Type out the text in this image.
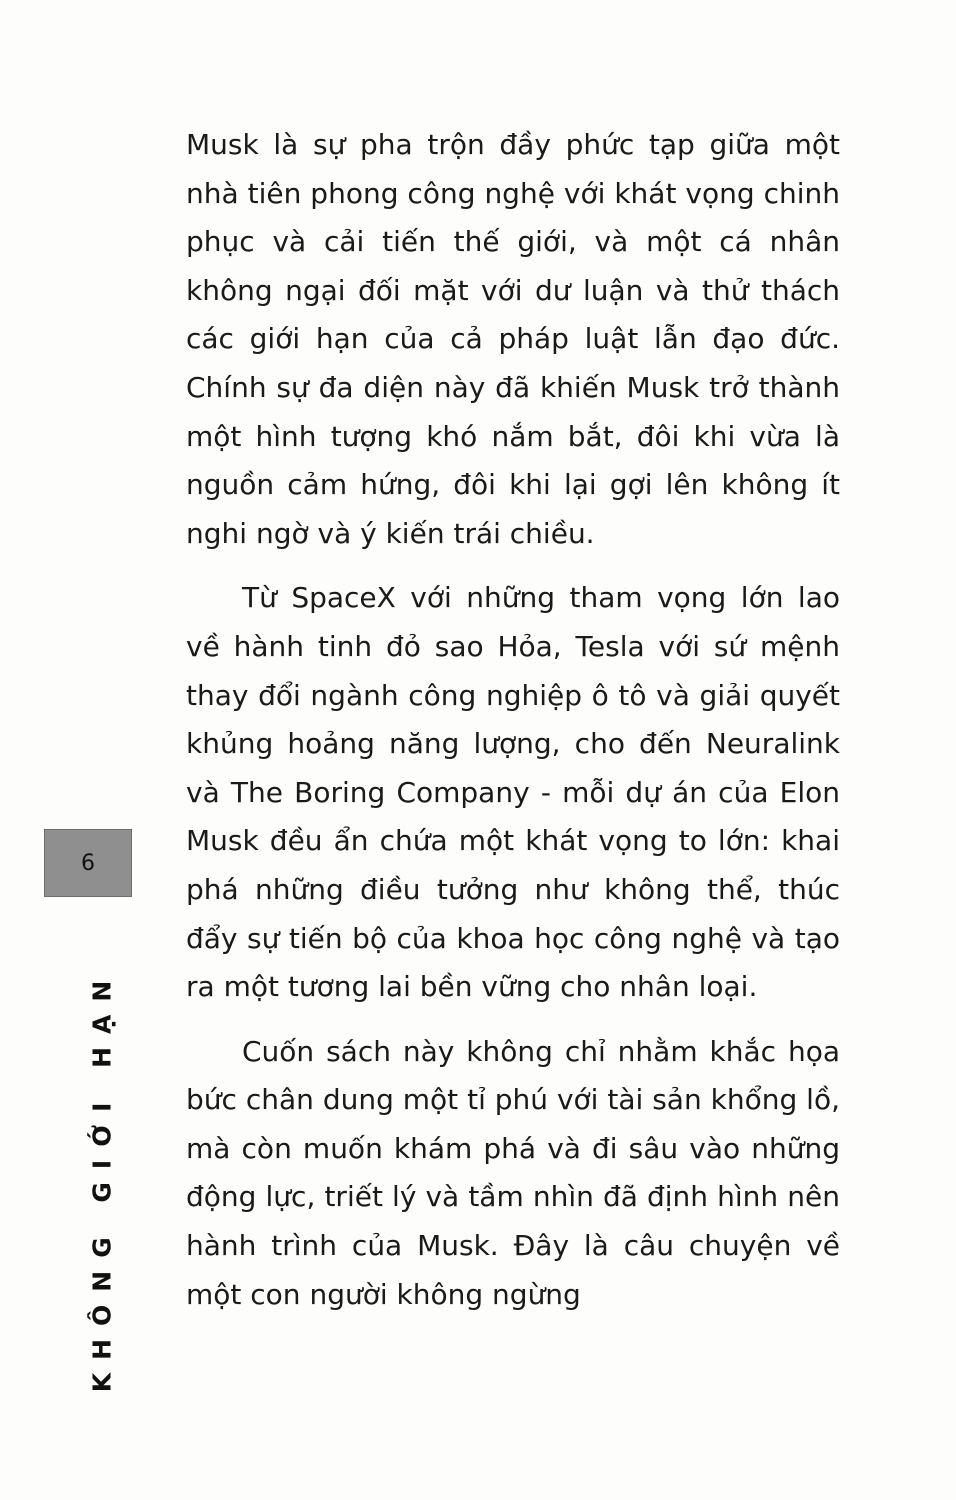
Musk là sự pha trộn đầy phức tạp giữa một nhà tiên phong công nghệ với khát vọng chinh phục và cải tiến thế giới, và một cá nhân không ngại đối mặt với dư luận và thử thách các giới hạn của cả pháp luật lẫn đạo đức. Chính sự đa diện này đã khiến Musk trở thành một hình tượng khó nắm bắt, đôi khi vừa là nguồn cảm hứng, đôi khi lại gợi lên không ít nghi ngờ và ý kiến trái chiều.

Từ SpaceX với những tham vọng lớn lao về hành tinh đỏ sao Hỏa, Tesla với sứ mệnh thay đổi ngành công nghiệp ô tô và giải quyết khủng hoảng năng lượng, cho đến Neuralink và The Boring Company - mỗi dự án của Elon Musk đều ẩn chứa một khát vọng to lớn: khai phá những điều tưởng như không thể, thúc đẩy sự tiến bộ của khoa học công nghệ và tạo ra một tương lai bền vững cho nhân loại.

Cuốn sách này không chỉ nhằm khắc họa bức chân dung một tỉ phú với tài sản khổng lồ, mà còn muốn khám phá và đi sâu vào những động lực, triết lý và tầm nhìn đã định hình nên hành trình của Musk. Đây là câu chuyện về một con người không ngừng

6
KHÔNG GIỚI HẠN
